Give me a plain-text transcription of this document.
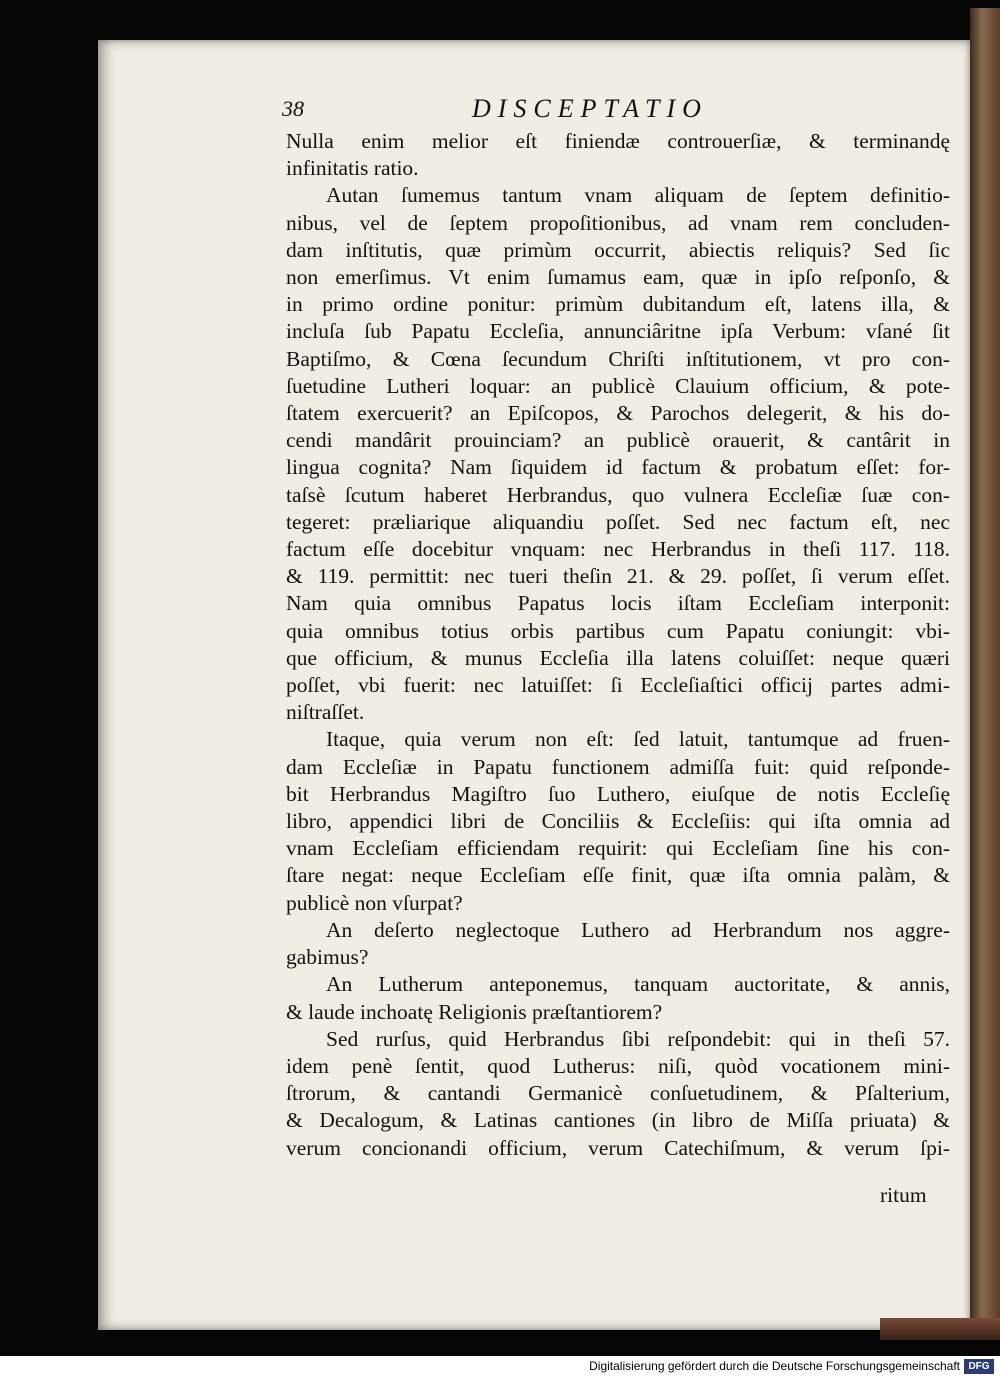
38	DISCEPTATIO
Nulla enim melior eſt finiendæ controuerſiæ, & terminandę
infinitatis ratio.
Autan ſumemus tantum vnam aliquam de ſeptem definitio-
nibus, vel de ſeptem propoſitionibus, ad vnam rem concluden-
dam inſtitutis, quæ primùm occurrit, abiectis reliquis? Sed ſic
non emerſimus. Vt enim ſumamus eam, quæ in ipſo reſponſo, &
in primo ordine ponitur: primùm dubitandum eſt, latens illa, &
incluſa ſub Papatu Eccleſia, annunciâritne ipſa Verbum: vſané ſit
Baptiſmo, & Cœna ſecundum Chriſti inſtitutionem, vt pro con-
ſuetudine Lutheri loquar: an publicè Clauium officium, & pote-
ſtatem exercuerit? an Epiſcopos, & Parochos delegerit, & his do-
cendi mandârit prouinciam? an publicè orauerit, & cantârit in
lingua cognita? Nam ſiquidem id factum & probatum eſſet: for-
taſsè ſcutum haberet Herbrandus, quo vulnera Eccleſiæ ſuæ con-
tegeret: præliarique aliquandiu poſſet. Sed nec factum eſt, nec
factum eſſe docebitur vnquam: nec Herbrandus in theſi 117. 118.
& 119. permittit: nec tueri theſin 21. & 29. poſſet, ſi verum eſſet.
Nam quia omnibus Papatus locis iſtam Eccleſiam interponit:
quia omnibus totius orbis partibus cum Papatu coniungit: vbi-
que officium, & munus Eccleſia illa latens coluiſſet: neque quæri
poſſet, vbi fuerit: nec latuiſſet: ſi Eccleſiaſtici officij partes admi-
niſtraſſet.
Itaque, quia verum non eſt: ſed latuit, tantumque ad fruen-
dam Eccleſiæ in Papatu functionem admiſſa fuit: quid reſponde-
bit Herbrandus Magiſtro ſuo Luthero, eiuſque de notis Eccleſię
libro, appendici libri de Conciliis & Eccleſiis: qui iſta omnia ad
vnam Eccleſiam efficiendam requirit: qui Eccleſiam ſine his con-
ſtare negat: neque Eccleſiam eſſe finit, quæ iſta omnia palàm, &
publicè non vſurpat?
An deſerto neglectoque Luthero ad Herbrandum nos aggre-
gabimus?
An Lutherum anteponemus, tanquam auctoritate, & annis,
& laude inchoatę Religionis præſtantiorem?
Sed rurſus, quid Herbrandus ſibi reſpondebit: qui in theſi 57.
idem penè ſentit, quod Lutherus: niſi, quòd vocationem mini-
ſtrorum, & cantandi Germanicè conſuetudinem, & Pſalterium,
& Decalogum, & Latinas cantiones (in libro de Miſſa priuata) &
verum concionandi officium, verum Catechiſmum, & verum ſpi-
ritum
Digitalisierung gefördert durch die Deutsche Forschungsgemeinschaft DFG
